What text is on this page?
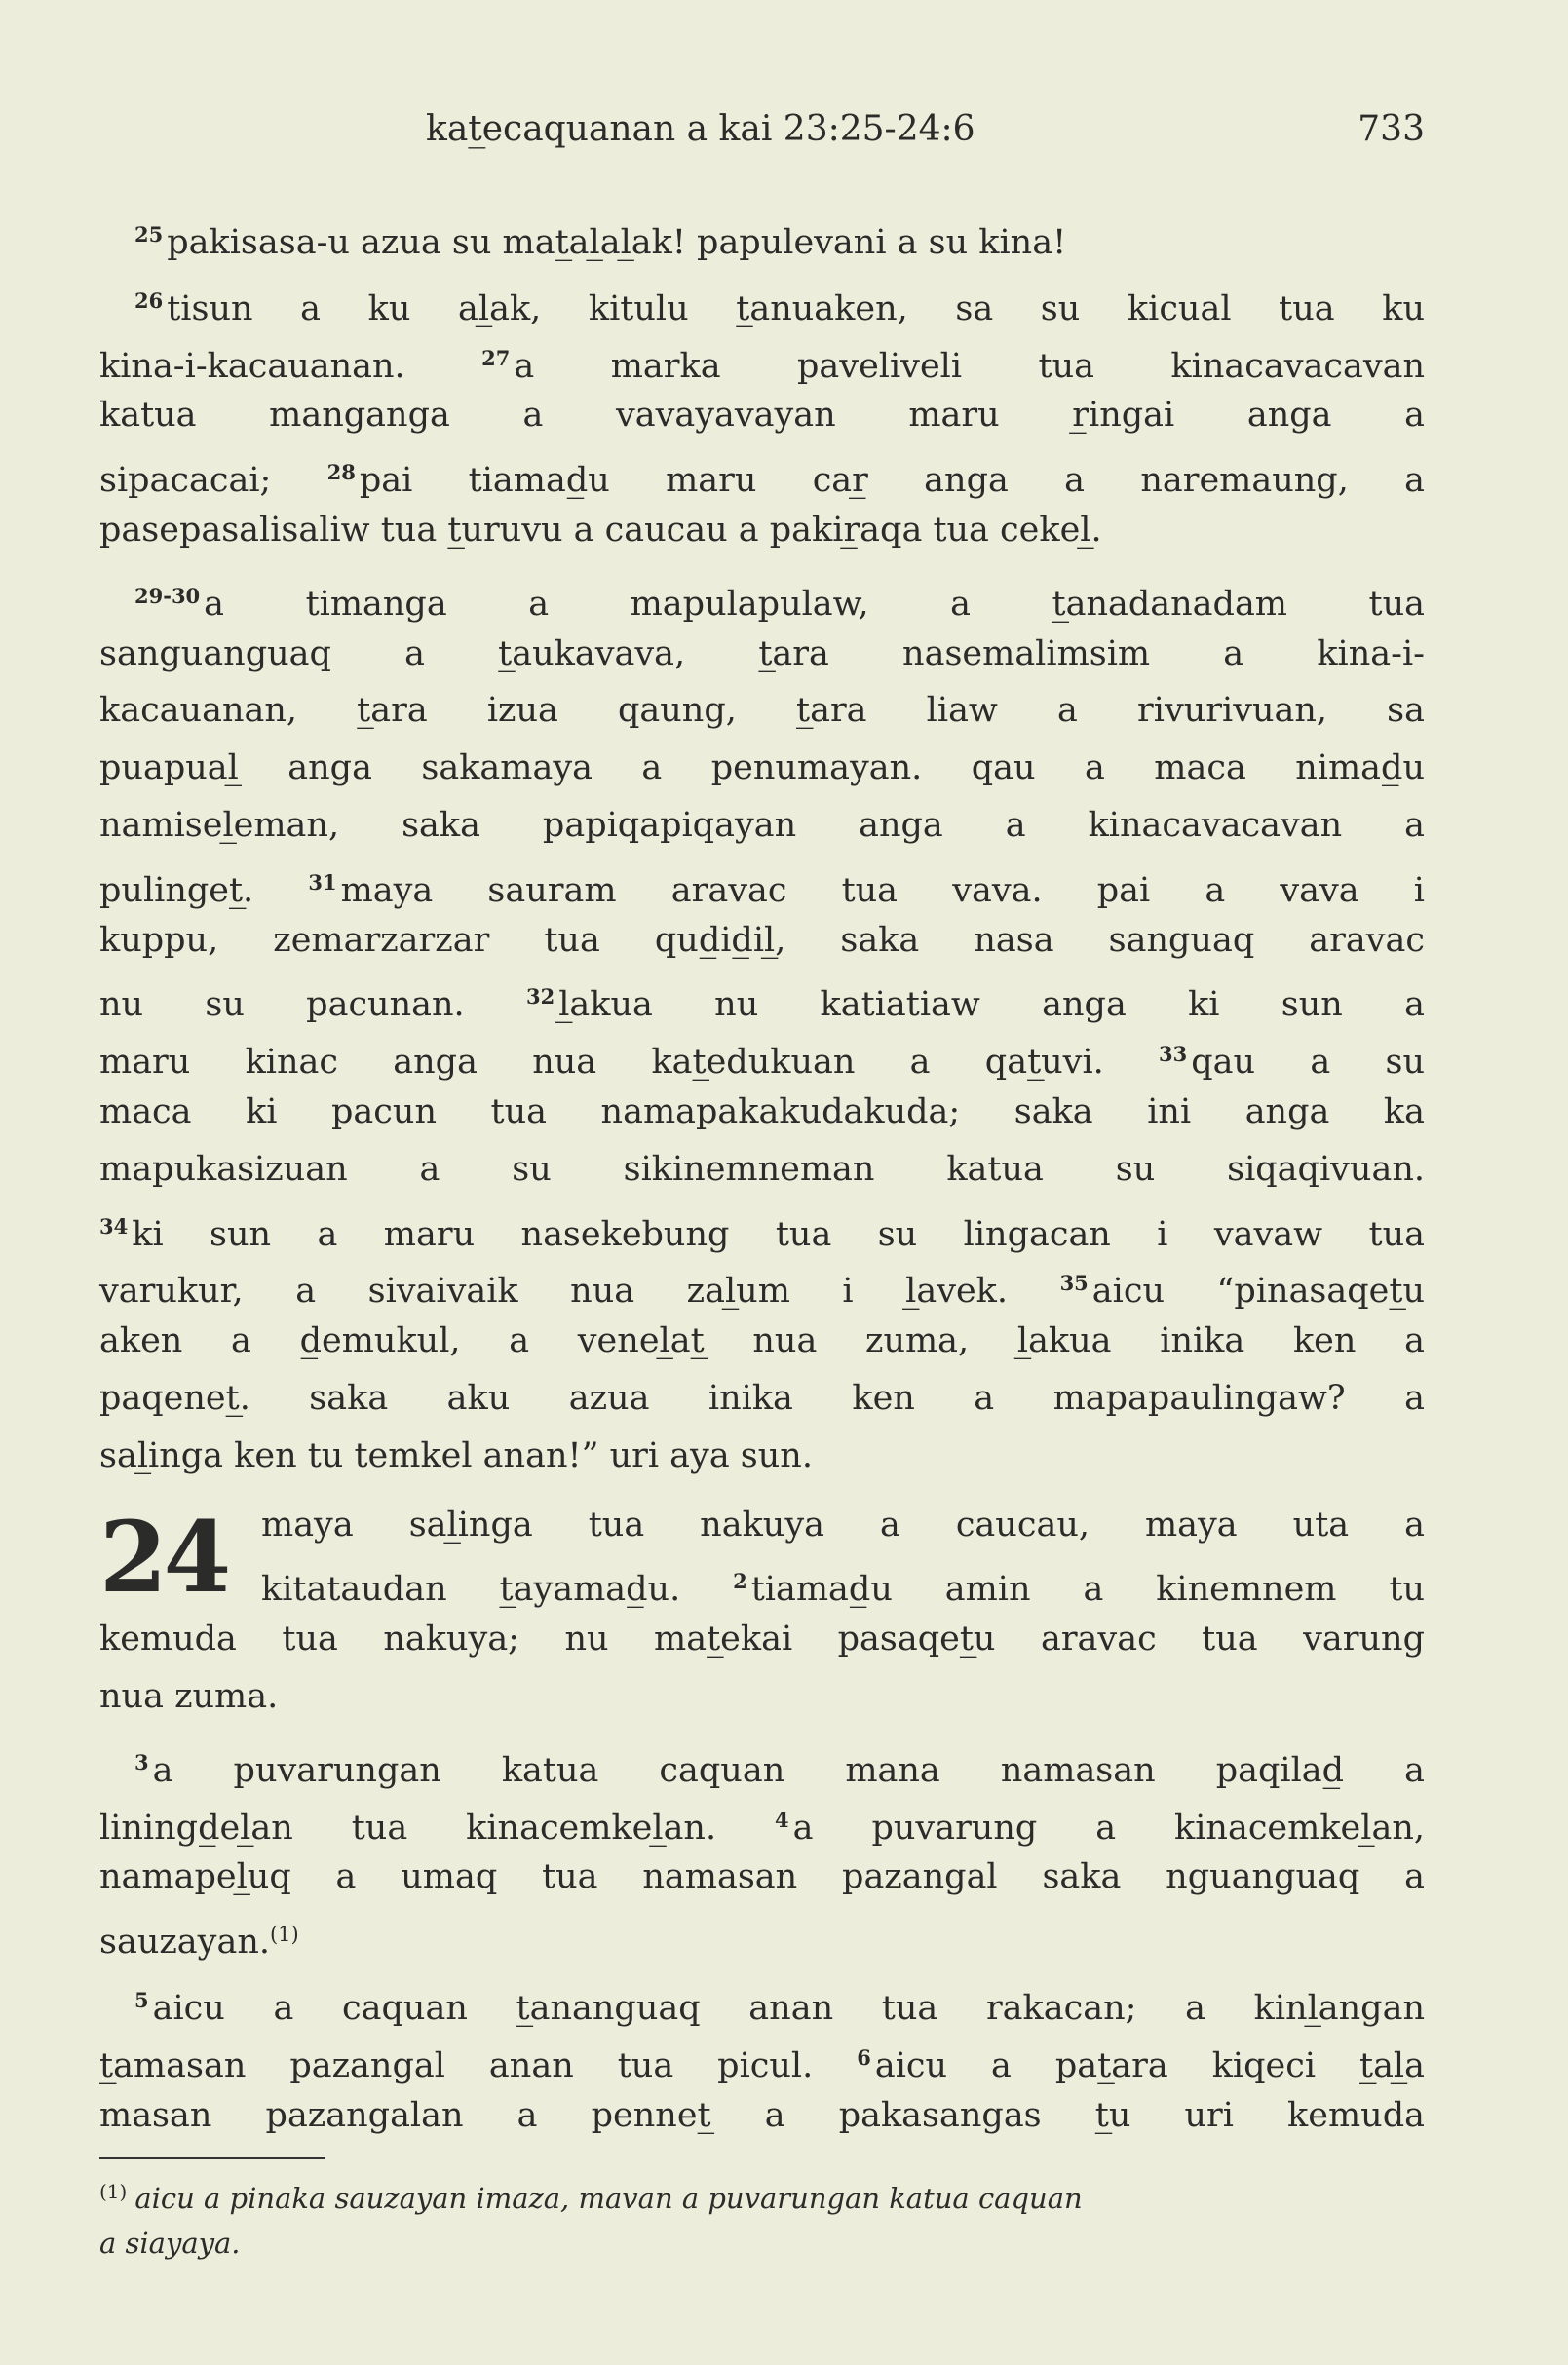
kat̲ecaquanan a kai 23:25-24:6	733
$^{25}$ pakisasa-u azua su mat̲al̲al̲ak! papulevani a su kina!
$^{26}$ tisun a ku al̲ak, kitulu t̲anuaken, sa su kicual tua ku
kina-i-kacauanan. $^{27}$ a marka paveliveli tua kinacavacavan
katua manganga a vavayavayan maru r̲ingai anga a
sipacacai; $^{28}$ pai tiamad̲u maru car̲ anga a naremaung, a
pasepasalisaliw tua t̲uruvu a caucau a pakir̲aqa tua cekel̲.
$^{29-30}$ a timanga a mapulapulaw, a t̲anadanadam tua
sanguanguaq a t̲aukavava, t̲ara nasemalimsim a kina-i-
kacauanan, t̲ara izua qaung, t̲ara liaw a rivurivuan, sa
puapual̲ anga sakamaya a penumayan. qau a maca nimad̲u
namisel̲eman, saka papiqapiqayan anga a kinacavacavan a
pulinget̲. $^{31}$ maya sauram aravac tua vava. pai a vava i
kuppu, zemarzarzar tua qud̲id̲il̲, saka nasa sanguaq aravac
nu su pacunan. $^{32}$ l̲akua nu katiatiaw anga ki sun a
maru kinac anga nua kat̲edukuan a qat̲uvi. $^{33}$ qau a su
maca ki pacun tua namapakakudakuda; saka ini anga ka
mapukasizuan a su sikinemneman katua su siqaqivuan.
$^{34}$ ki sun a maru nasekebung tua su lingacan i vavaw tua
varukur, a sivaivaik nua zal̲um i l̲avek. $^{35}$ aicu “pinasaqet̲u
aken a d̲emukul, a venel̲at̲ nua zuma, l̲akua inika ken a
paqenet̲. saka aku azua inika ken a mapapaulingaw? a
sal̲inga ken tu temkel anan!” uri aya sun.
24 maya sal̲inga tua nakuya a caucau, maya uta a
kitataudan t̲ayamad̲u. $^2$ tiamad̲u amin a kinemnem tu
kemuda tua nakuya; nu mat̲ekai pasaqet̲u aravac tua varung
nua zuma.
$^3$ a puvarungan katua caquan mana namasan paqilad̲ a
liningd̲el̲an tua kinacemkel̲an. $^4$ a puvarung a kinacemkel̲an,
namapel̲uq a umaq tua namasan pazangal saka nguanguaq a
sauzayan.$^{(1)}$
$^5$ aicu a caquan t̲ananguaq anan tua rakacan; a kinl̲angan
t̲amasan pazangal anan tua picul. $^6$ aicu a pat̲ara kiqeci t̲al̲a
masan pazangalan a pennet̲ a pakasangas t̲u uri kemuda
$^{(1)}$ aicu a pinaka sauzayan imaza, mavan a puvarungan katua caquan
a siayaya.
